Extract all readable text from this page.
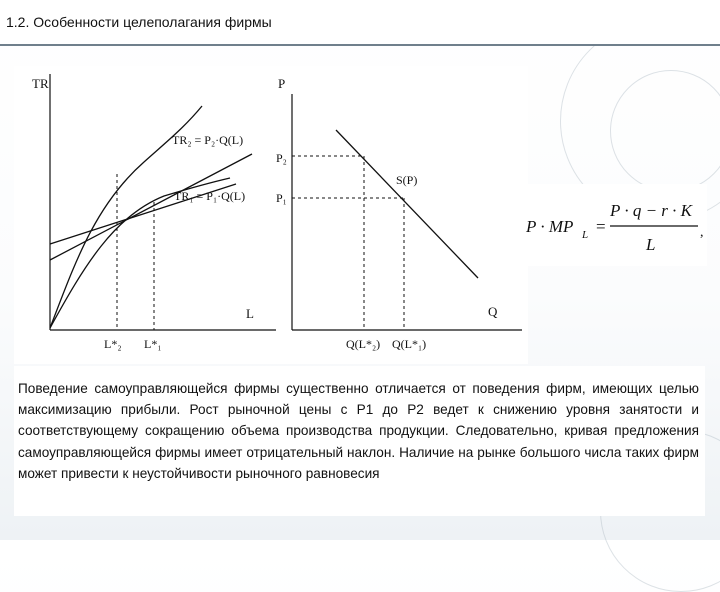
1.2. Особенности целеполагания фирмы
TR
L
TR₂ = P₂·Q(L)
TR₁ = P₁·Q(L)
L*₂ L*₁
P
Q
S(P)
P₂
P₁
Q(L*₂) Q(L*₁)
P · MP L =
P · q − r · K
L
,

Поведение самоуправляющейся фирмы существенно отличается от поведения фирм, имеющих целью максимизацию прибыли. Рост рыночной цены с Р1 до Р2 ведет к снижению уровня занятости и соответствующему сокращению объема производства продукции. Следовательно, кривая предложения самоуправляющейся фирмы имеет отрицательный наклон. Наличие на рынке большого числа таких фирм может привести к неустойчивости рыночного равновесия
